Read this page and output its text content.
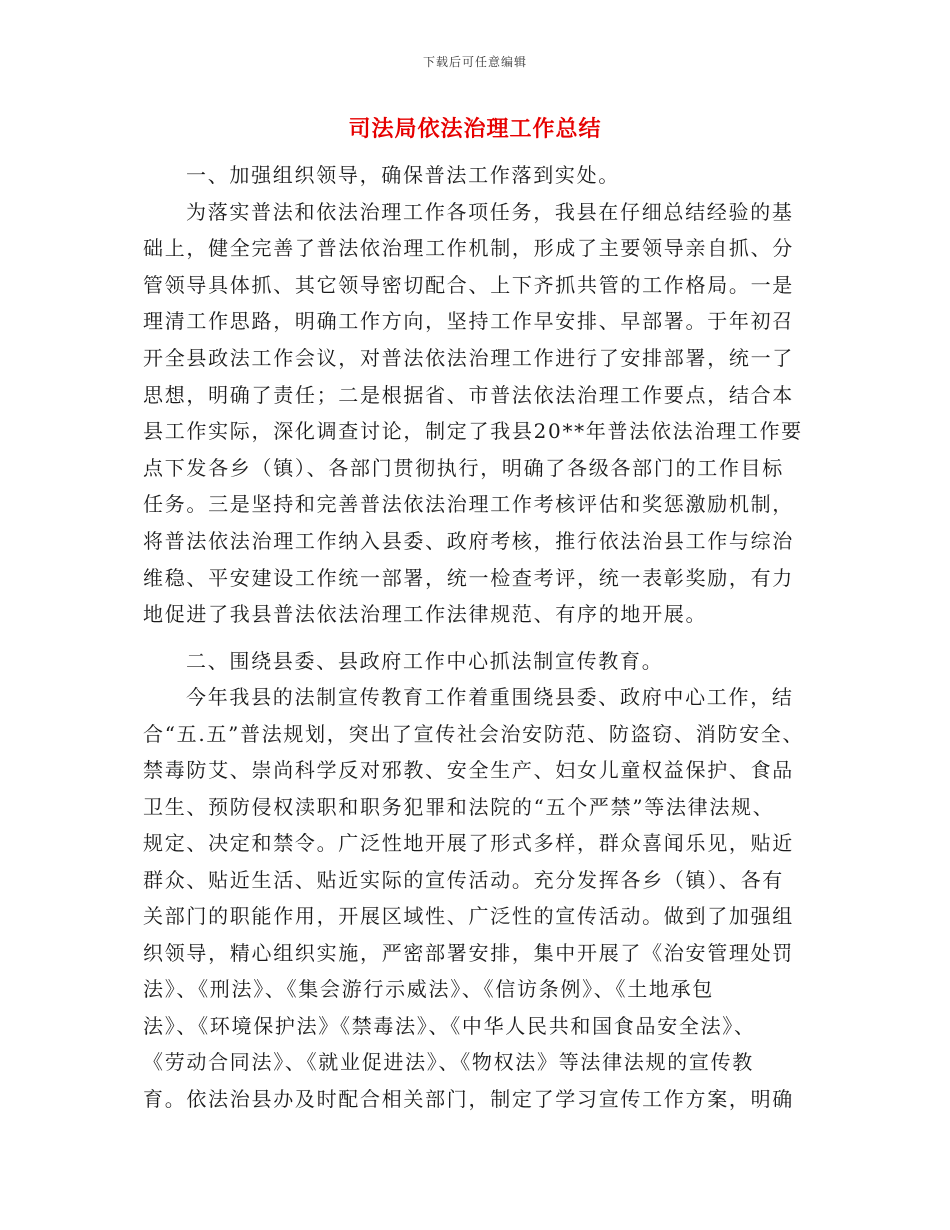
下载后可任意编辑
司法局依法治理工作总结
一、加强组织领导，确保普法工作落到实处。
为落实普法和依法治理工作各项任务，我县在仔细总结经验的基
础上，健全完善了普法依治理工作机制，形成了主要领导亲自抓、分
管领导具体抓、其它领导密切配合、上下齐抓共管的工作格局。一是
理清工作思路，明确工作方向，坚持工作早安排、早部署。于年初召
开全县政法工作会议，对普法依法治理工作进行了安排部署，统一了
思想，明确了责任；二是根据省、市普法依法治理工作要点，结合本
县工作实际，深化调查讨论，制定了我县20**年普法依法治理工作要
点下发各乡（镇）、各部门贯彻执行，明确了各级各部门的工作目标
任务。三是坚持和完善普法依法治理工作考核评估和奖惩激励机制，
将普法依法治理工作纳入县委、政府考核，推行依法治县工作与综治
维稳、平安建设工作统一部署，统一检查考评，统一表彰奖励，有力
地促进了我县普法依法治理工作法律规范、有序的地开展。
二、围绕县委、县政府工作中心抓法制宣传教育。
今年我县的法制宣传教育工作着重围绕县委、政府中心工作，结
合“五.五”普法规划，突出了宣传社会治安防范、防盗窃、消防安全、
禁毒防艾、崇尚科学反对邪教、安全生产、妇女儿童权益保护、食品
卫生、预防侵权渎职和职务犯罪和法院的“五个严禁”等法律法规、
规定、决定和禁令。广泛性地开展了形式多样，群众喜闻乐见，贴近
群众、贴近生活、贴近实际的宣传活动。充分发挥各乡（镇）、各有
关部门的职能作用，开展区域性、广泛性的宣传活动。做到了加强组
织领导，精心组织实施，严密部署安排，集中开展了《治安管理处罚
法》、《刑法》、《集会游行示威法》、《信访条例》、《土地承包
法》、《环境保护法》《禁毒法》、《中华人民共和国食品安全法》、
《劳动合同法》、《就业促进法》、《物权法》等法律法规的宣传教
育。依法治县办及时配合相关部门，制定了学习宣传工作方案，明确
